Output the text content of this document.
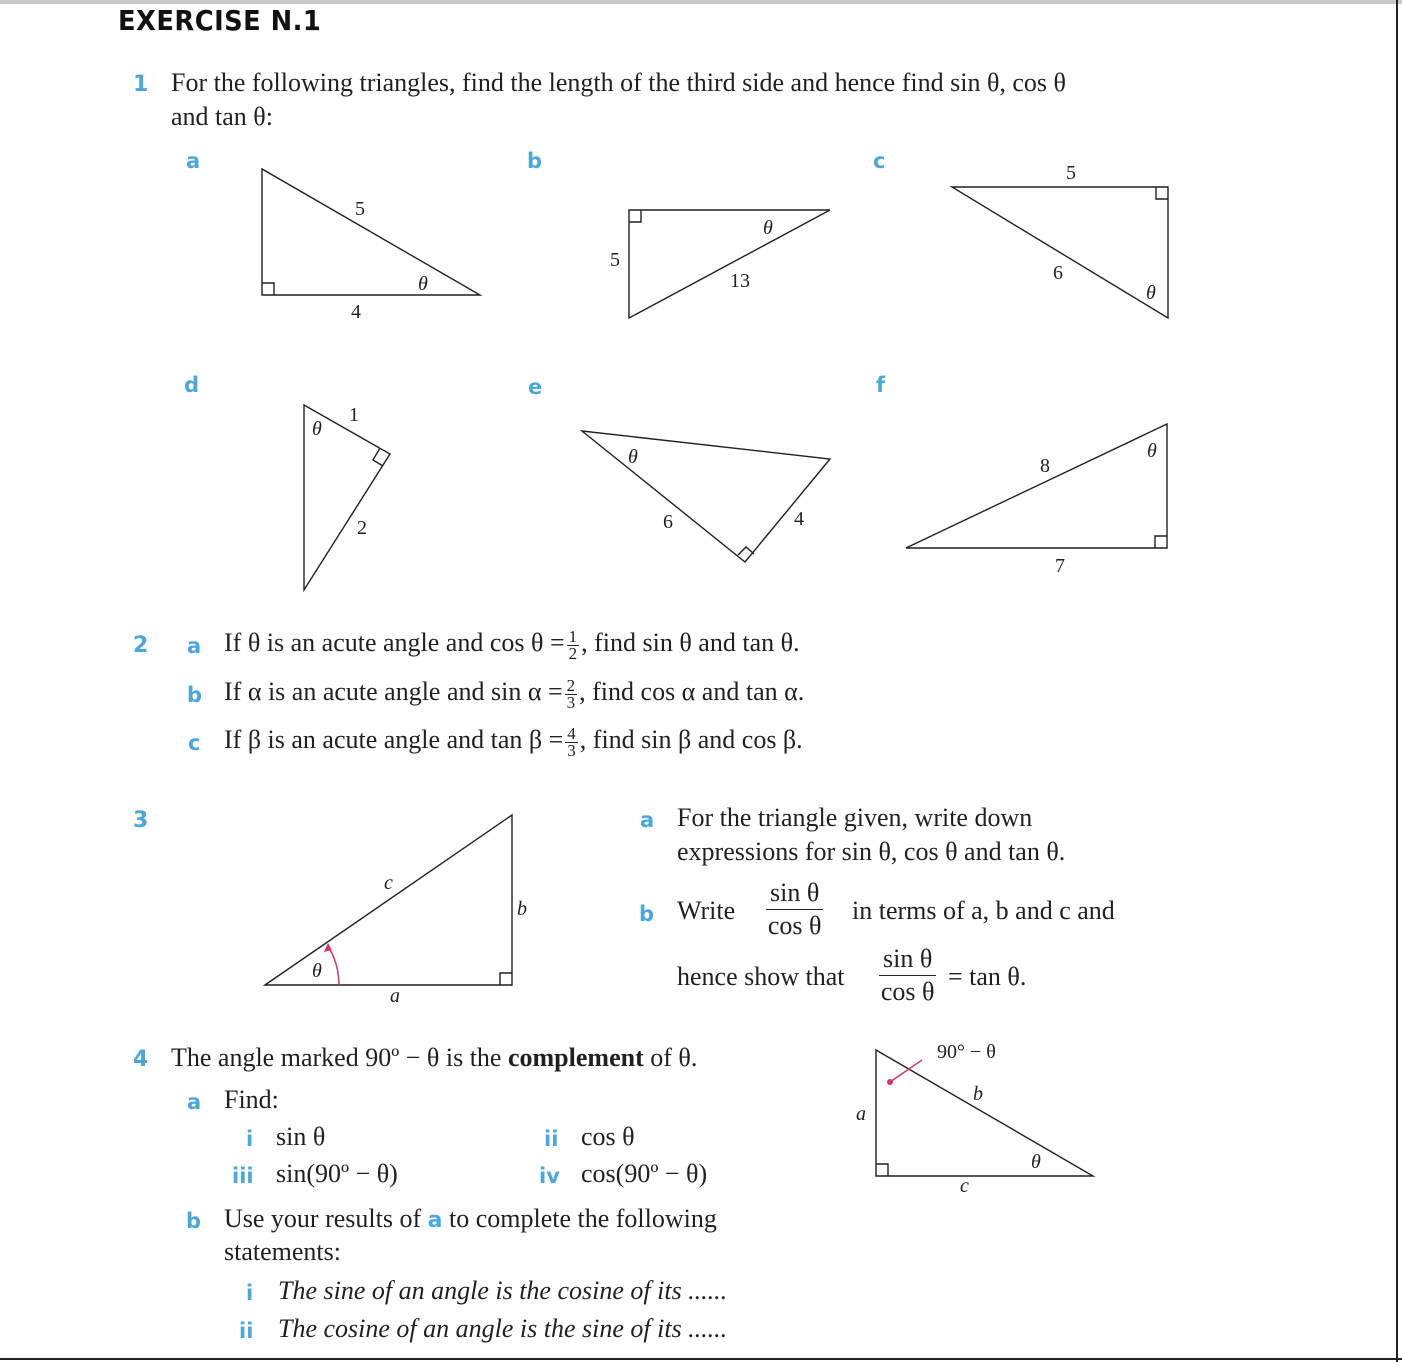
EXERCISE N.1
1 For the following triangles, find the length of the third side and hence find sin θ, cos θ
and tan θ:
a	b	c
d	e	f
5
4
θ
5
13
θ
5
6
θ
1
2
θ
6	4
θ	8
7
θ
c
b
a
θ
90° − θ
b
a
c
θ
2 a If θ is an acute angle and $\cos \theta = \frac{1}{2}$ , find sin θ and tan θ.
b If α is an acute angle and $\sin \alpha = \frac{2}{3}$ , find cos α and tan α.
c If β is an acute angle and $\tan \beta = \frac{4}{3}$ , find sin β and cos β.
3	a For the triangle given, write down
expressions for sin θ, cos θ and tan θ.
b Write $\frac{\text{sin θ}}{\text{cos θ}}$ in terms of a, b and c and
hence show that $\frac{\text{sin θ}}{\text{cos θ}} = \tan \theta$.
4 The angle marked 90º − θ is the complement of θ.
a Find:
i sin θ	ii cos θ
iii sin(90º − θ)	iv cos(90º − θ)
b Use your results of a to complete the following
statements:
i The sine of an angle is the cosine of its ......
ii The cosine of an angle is the sine of its ......
